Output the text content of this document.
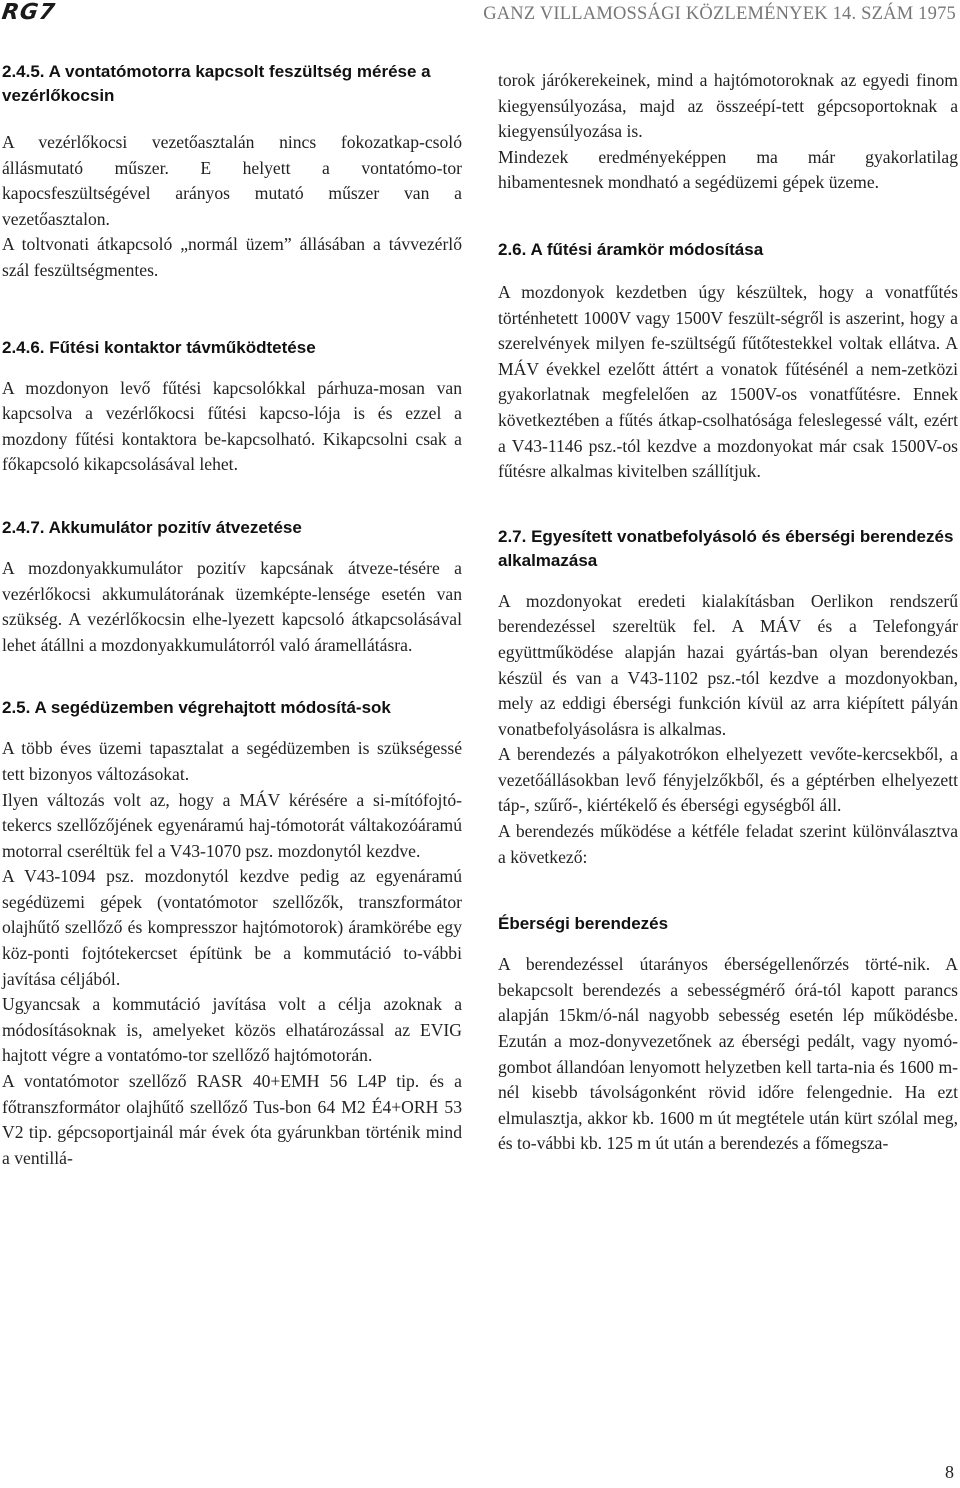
RG7	GANZ VILLAMOSSÁGI KÖZLEMÉNYEK 14. SZÁM 1975
2.4.5. A vontatómotorra kapcsolt feszültség mérése a vezérlőkocsin

A vezérlőkocsi vezetőasztalán nincs fokozatkap-csoló állásmutató műszer. E helyett a vontatómo-tor kapocsfeszültségével arányos mutató műszer van a vezetőasztalon.

A toltvonati átkapcsoló „normál üzem” állásában a távvezérlő szál feszültségmentes.

2.4.6. Fűtési kontaktor távműködtetése

A mozdonyon levő fűtési kapcsolókkal párhuza-mosan van kapcsolva a vezérlőkocsi fűtési kapcso-lója is és ezzel a mozdony fűtési kontaktora be-kapcsolható. Kikapcsolni csak a főkapcsoló kikapcsolásával lehet.

2.4.7. Akkumulátor pozitív átvezetése

A mozdonyakkumulátor pozitív kapcsának átveze-tésére a vezérlőkocsi akkumulátorának üzemképte-lensége esetén van szükség. A vezérlőkocsin elhe-lyezett kapcsoló átkapcsolásával lehet átállni a mozdonyakkumulátorról való áramellátásra.

2.5. A segédüzemben végrehajtott módosítá-sok

A több éves üzemi tapasztalat a segédüzemben is szükségessé tett bizonyos változásokat.

Ilyen változás volt az, hogy a MÁV kérésére a si-mítófojtó-tekercs szellőzőjének egyenáramú haj-tómotorát váltakozóáramú motorral cseréltük fel a V43-1070 psz. mozdonytól kezdve.

A V43-1094 psz. mozdonytól kezdve pedig az egyenáramú segédüzemi gépek (vontatómotor szellőzők, transzformátor olajhűtő szellőző és kompresszor hajtómotorok) áramkörébe egy köz-ponti fojtótekercset építünk be a kommutáció to-vábbi javítása céljából.

Ugyancsak a kommutáció javítása volt a célja azoknak a módosításoknak is, amelyeket közös elhatározással az EVIG hajtott végre a vontatómo-tor szellőző hajtómotorán.

A vontatómotor szellőző RASR 40+EMH 56 L4P tip. és a főtranszformátor olajhűtő szellőző Tus-bon 64 M2 É4+ORH 53 V2 tip. gépcsoportjainál már évek óta gyárunkban történik mind a ventillá-

torok járókerekeinek, mind a hajtómotoroknak az egyedi finom kiegyensúlyozása, majd az összeépí-tett gépcsoportoknak a kiegyensúlyozása is.

Mindezek eredményeképpen ma már gyakorlatilag hibamentesnek mondható a segédüzemi gépek üzeme.

2.6. A fűtési áramkör módosítása

A mozdonyok kezdetben úgy készültek, hogy a vonatfűtés történhetett 1000V vagy 1500V feszült-ségről is aszerint, hogy a szerelvények milyen fe-szültségű fűtőtestekkel voltak ellátva. A MÁV évekkel ezelőtt áttért a vonatok fűtésénél a nem-zetközi gyakorlatnak megfelelően az 1500V-os vonatfűtésre. Ennek következtében a fűtés átkap-csolhatósága feleslegessé vált, ezért a V43-1146 psz.-tól kezdve a mozdonyokat már csak 1500V-os fűtésre alkalmas kivitelben szállítjuk.

2.7. Egyesített vonatbefolyásoló és éberségi berendezés alkalmazása

A mozdonyokat eredeti kialakításban Oerlikon rendszerű berendezéssel szereltük fel. A MÁV és a Telefongyár együttműködése alapján hazai gyártás-ban olyan berendezés készül és van a V43-1102 psz.-tól kezdve a mozdonyokban, mely az eddigi éberségi funkción kívül az arra kiépített pályán vonatbefolyásolásra is alkalmas.

A berendezés a pályakotrókon elhelyezett vevőte-kercsekből, a vezetőállásokban levő fényjelzőkből, és a géptérben elhelyezett táp-, szűrő-, kiértékelő és éberségi egységből áll.

A berendezés működése a kétféle feladat szerint különválasztva a következő:

Éberségi berendezés

A berendezéssel útarányos éberségellenőrzés törté-nik. A bekapcsolt berendezés a sebességmérő órá-tól kapott parancs alapján 15km/ó-nál nagyobb sebesség esetén lép működésbe. Ezután a moz-donyvezetőnek az éberségi pedált, vagy nyomó-gombot állandóan lenyomott helyzetben kell tarta-nia és 1600 m-nél kisebb távolságonként rövid időre felengednie. Ha ezt elmulasztja, akkor kb. 1600 m út megtétele után kürt szólal meg, és to-vábbi kb. 125 m út után a berendezés a főmegsza-

8
